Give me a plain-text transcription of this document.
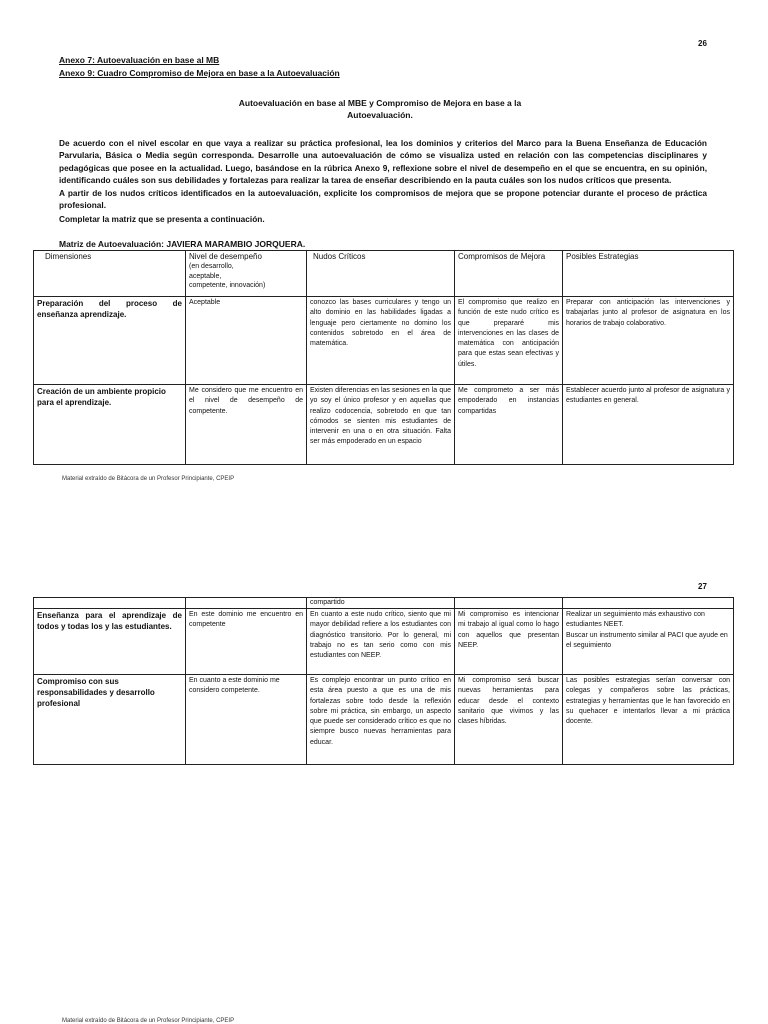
26
Anexo 7: Autoevaluación en base al MB
Anexo 9: Cuadro Compromiso de Mejora en base a la Autoevaluación
Autoevaluación en base al MBE y Compromiso de Mejora en base a la
Autoevaluación.

De acuerdo con el nivel escolar en que vaya a realizar su práctica profesional, lea los dominios y criterios del Marco para la Buena Enseñanza de Educación Parvularia, Básica o Media según corresponda. Desarrolle una autoevaluación de cómo se visualiza usted en relación con las competencias disciplinares y pedagógicas que posee en la actualidad. Luego, basándose en la rúbrica Anexo 9, reflexione sobre el nivel de desempeño en el que se encuentra, en su opinión, identificando cuáles son sus debilidades y fortalezas para realizar la tarea de enseñar describiendo en la pauta cuáles son los nudos críticos que presenta.

A partir de los nudos críticos identificados en la autoevaluación, explicite los compromisos de mejora que se propone potenciar durante el proceso de práctica profesional.

Completar la matriz que se presenta a continuación.

Matriz de Autoevaluación: JAVIERA MARAMBIO JORQUERA.
Dimensiones	Nivel de desempeño
(en desarrollo,
aceptable,
competente, innovación)	Nudos Críticos	Compromisos de Mejora	Posibles Estrategias
Preparación del proceso de enseñanza aprendizaje.	Aceptable	conozco las bases curriculares y tengo un alto dominio en las habilidades ligadas a lenguaje pero ciertamente no domino los contenidos sobretodo en el área de matemática.	El compromiso que realizo en función de este nudo crítico es que prepararé mis intervenciones en las clases de matemática con anticipación para que estas sean efectivas y útiles.	Preparar con anticipación las intervenciones y trabajarlas junto al profesor de asignatura en los horarios de trabajo colaborativo.
Creación de un ambiente propicio para el aprendizaje.	Me considero que me encuentro en el nivel de desempeño de competente.	Existen diferencias en las sesiones en la que yo soy el único profesor y en aquellas que realizo codocencia, sobretodo en que tan cómodos se sienten mis estudiantes de intervenir en una o en otra situación. Falta ser más empoderado en un espacio	Me comprometo a ser más empoderado en instancias compartidas	Establecer acuerdo junto al profesor de asignatura y estudiantes en general.
Material extraído de Bitácora de un Profesor Principiante, CPEIP
27
		compartido		
Enseñanza para el aprendizaje de todos y todas los y las estudiantes.	En este dominio me encuentro en competente	En cuanto a este nudo crítico, siento que mi mayor debilidad refiere a los estudiantes con diagnóstico transitorio. Por lo general, mi trabajo no es tan serio como con mis estudiantes con NEEP.	Mi compromiso es intencionar mi trabajo al igual como lo hago con aquellos que presentan NEEP.	Realizar un seguimiento más exhaustivo con estudiantes NEET.
Buscar un instrumento similar al PACI que ayude en el seguimiento

Compromiso con sus responsabilidades y desarrollo profesional	En cuanto a este dominio me considero competente.	Es complejo encontrar un punto crítico en esta área puesto a que es una de mis fortalezas sobre todo desde la reflexión sobre mi práctica, sin embargo, un aspecto que puede ser considerado crítico es que no siempre busco nuevas herramientas para educar.	Mi compromiso será buscar nuevas herramientas para educar desde el contexto sanitario que vivimos y las clases híbridas.	Las posibles estrategias serían conversar con colegas y compañeros sobre las prácticas, estrategias y herramientas que le han favorecido en su quehacer e intentarlos llevar a mi práctica docente.
Material extraído de Bitácora de un Profesor Principiante, CPEIP
